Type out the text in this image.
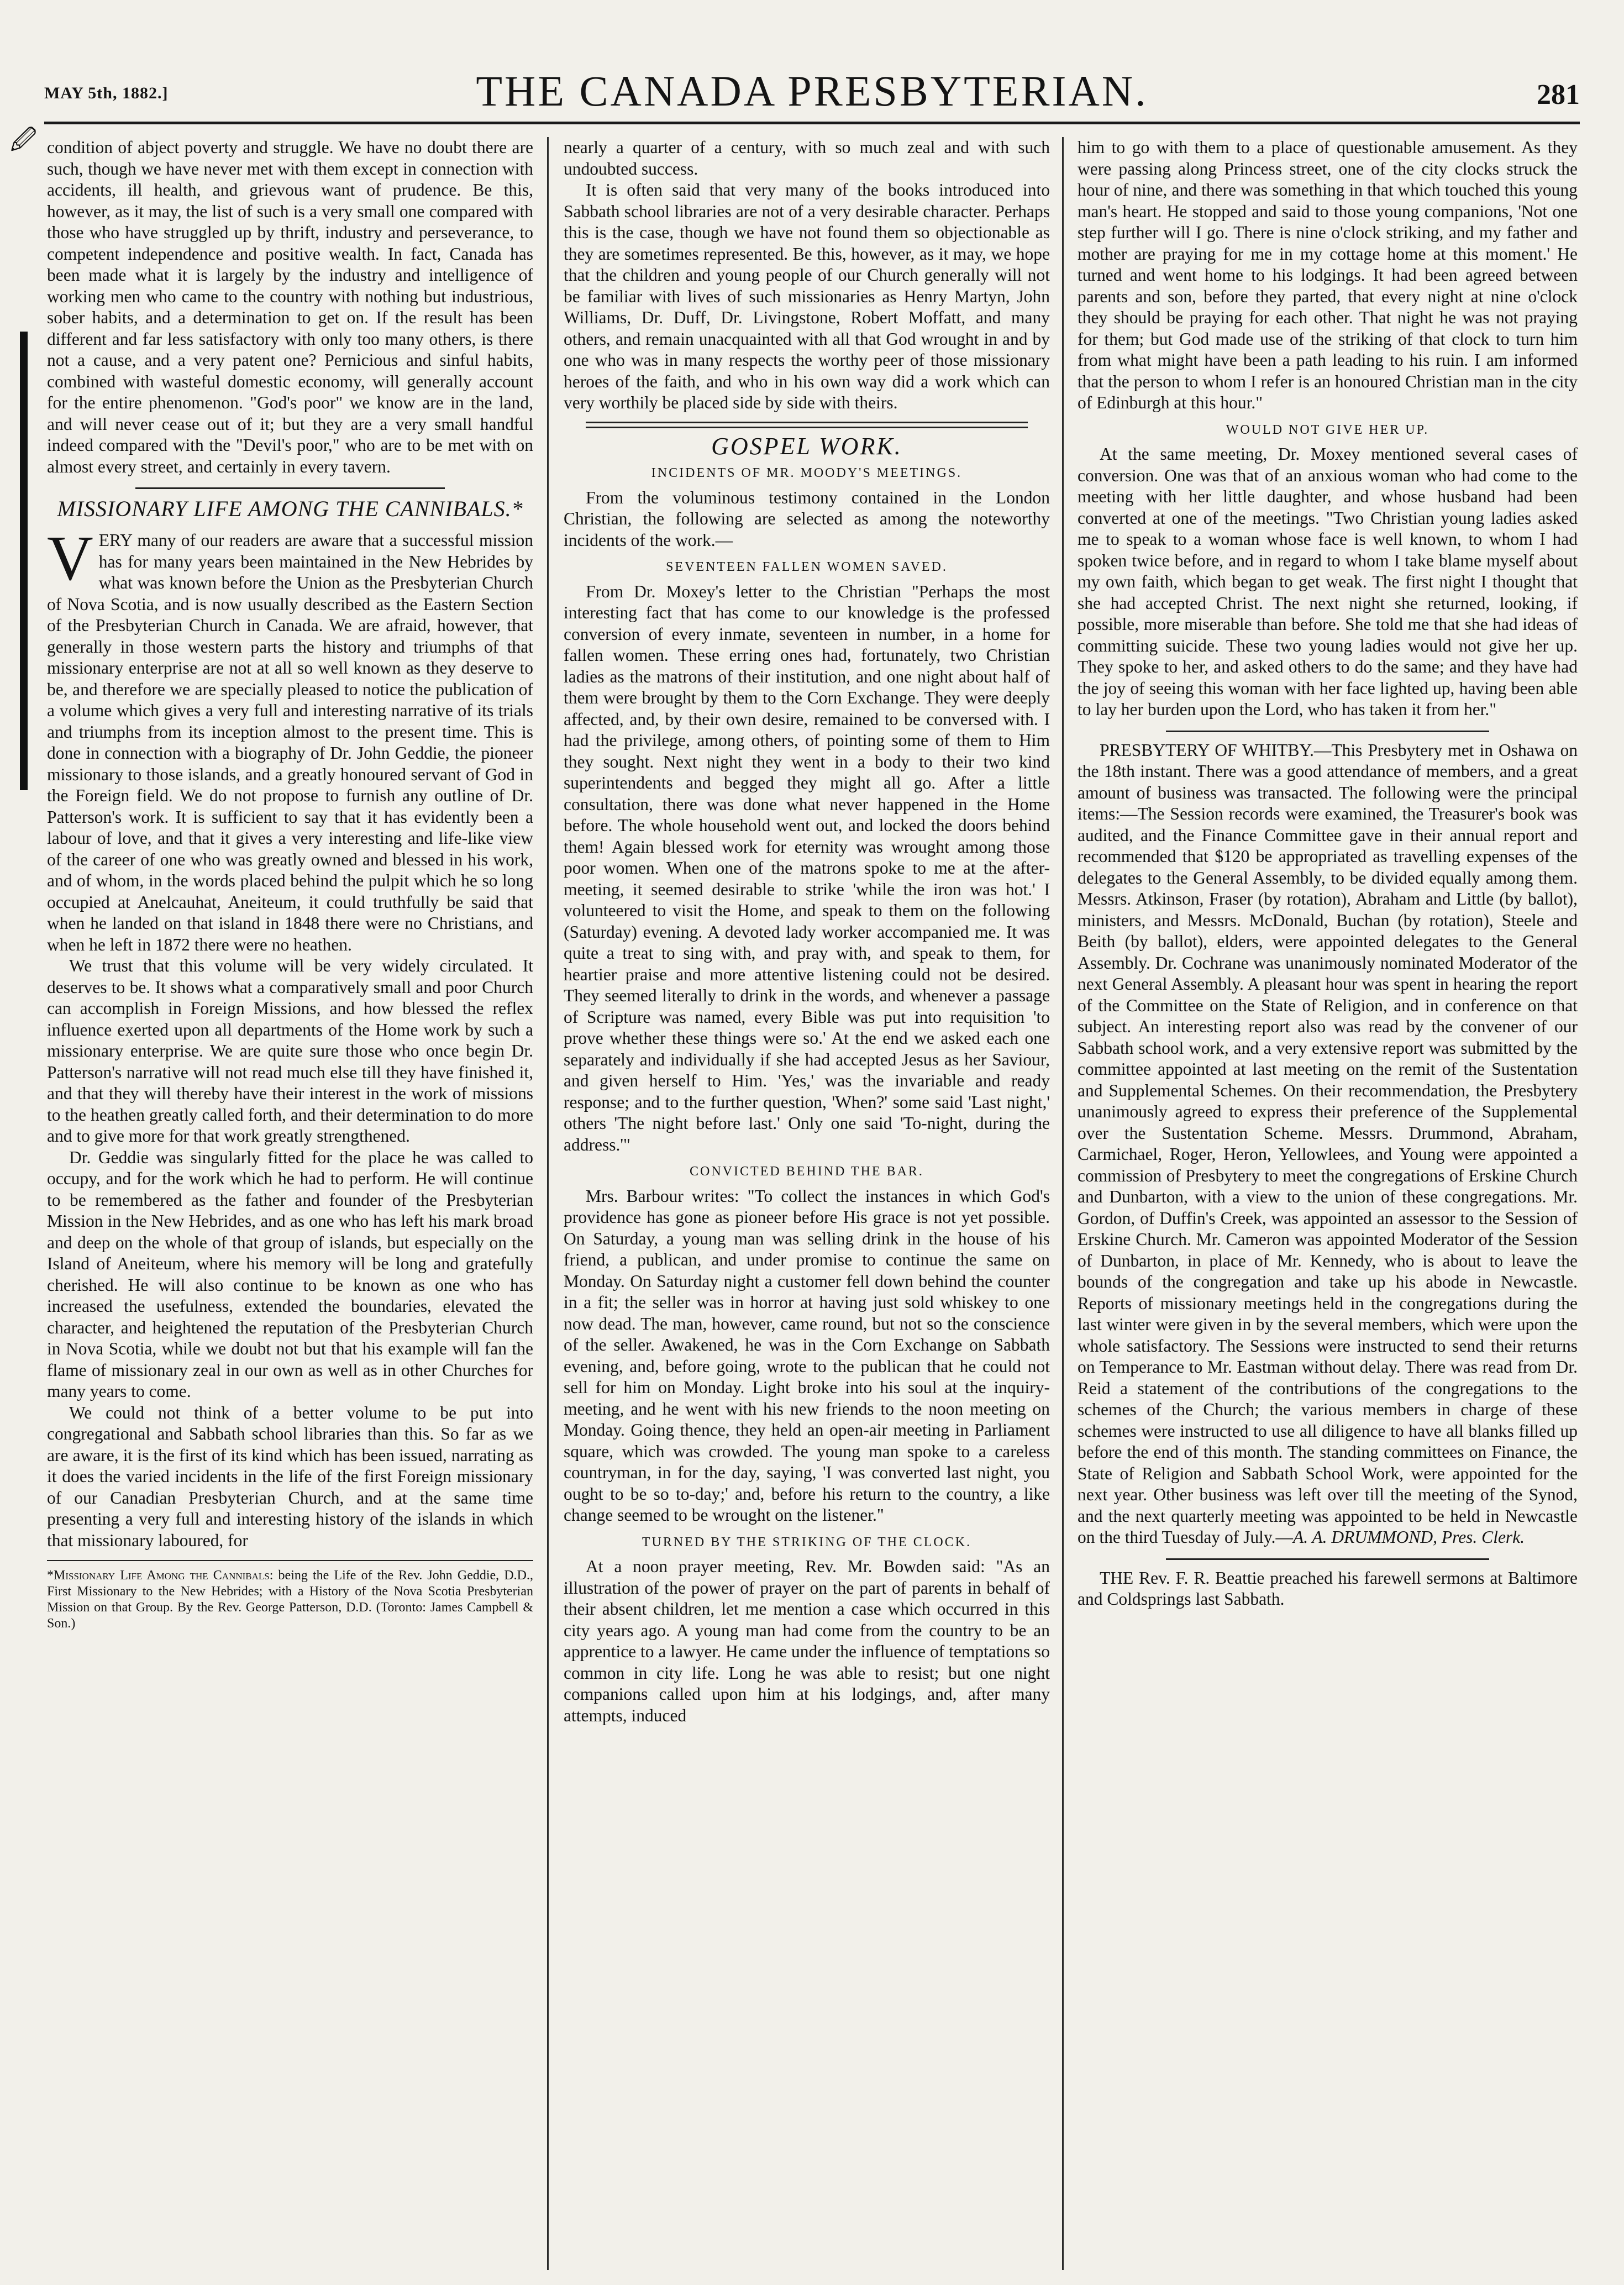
🖉
MAY 5th, 1882.]	THE CANADA PRESBYTERIAN.	281

condition of abject poverty and struggle. We have no doubt there are such, though we have never met with them except in connection with accidents, ill health, and grievous want of prudence. Be this, however, as it may, the list of such is a very small one compared with those who have struggled up by thrift, industry and perseverance, to competent independence and positive wealth. In fact, Canada has been made what it is largely by the industry and intelligence of working men who came to the country with nothing but industrious, sober habits, and a determination to get on. If the result has been different and far less satisfactory with only too many others, is there not a cause, and a very patent one? Pernicious and sinful habits, combined with wasteful domestic economy, will generally account for the entire phenomenon. "God's poor" we know are in the land, and will never cease out of it; but they are a very small handful indeed compared with the "Devil's poor," who are to be met with on almost every street, and certainly in every tavern.

MISSIONARY LIFE AMONG THE CANNIBALS.*

VERY many of our readers are aware that a successful mission has for many years been maintained in the New Hebrides by what was known before the Union as the Presbyterian Church of Nova Scotia, and is now usually described as the Eastern Section of the Presbyterian Church in Canada. We are afraid, however, that generally in those western parts the history and triumphs of that missionary enterprise are not at all so well known as they deserve to be, and therefore we are specially pleased to notice the publication of a volume which gives a very full and interesting narrative of its trials and triumphs from its inception almost to the present time. This is done in connection with a biography of Dr. John Geddie, the pioneer missionary to those islands, and a greatly honoured servant of God in the Foreign field. We do not propose to furnish any outline of Dr. Patterson's work. It is sufficient to say that it has evidently been a labour of love, and that it gives a very interesting and life-like view of the career of one who was greatly owned and blessed in his work, and of whom, in the words placed behind the pulpit which he so long occupied at Anelcauhat, Aneiteum, it could truthfully be said that when he landed on that island in 1848 there were no Christians, and when he left in 1872 there were no heathen.

We trust that this volume will be very widely circulated. It deserves to be. It shows what a comparatively small and poor Church can accomplish in Foreign Missions, and how blessed the reflex influence exerted upon all departments of the Home work by such a missionary enterprise. We are quite sure those who once begin Dr. Patterson's narrative will not read much else till they have finished it, and that they will thereby have their interest in the work of missions to the heathen greatly called forth, and their determination to do more and to give more for that work greatly strengthened.

Dr. Geddie was singularly fitted for the place he was called to occupy, and for the work which he had to perform. He will continue to be remembered as the father and founder of the Presbyterian Mission in the New Hebrides, and as one who has left his mark broad and deep on the whole of that group of islands, but especially on the Island of Aneiteum, where his memory will be long and gratefully cherished. He will also continue to be known as one who has increased the usefulness, extended the boundaries, elevated the character, and heightened the reputation of the Presbyterian Church in Nova Scotia, while we doubt not but that his example will fan the flame of missionary zeal in our own as well as in other Churches for many years to come.

We could not think of a better volume to be put into congregational and Sabbath school libraries than this. So far as we are aware, it is the first of its kind which has been issued, narrating as it does the varied incidents in the life of the first Foreign missionary of our Canadian Presbyterian Church, and at the same time presenting a very full and interesting history of the islands in which that missionary laboured, for

*Missionary Life Among the Cannibals: being the Life of the Rev. John Geddie, D.D., First Missionary to the New Hebrides; with a History of the Nova Scotia Presbyterian Mission on that Group. By the Rev. George Patterson, D.D. (Toronto: James Campbell & Son.)

nearly a quarter of a century, with so much zeal and with such undoubted success.

It is often said that very many of the books introduced into Sabbath school libraries are not of a very desirable character. Perhaps this is the case, though we have not found them so objectionable as they are sometimes represented. Be this, however, as it may, we hope that the children and young people of our Church generally will not be familiar with lives of such missionaries as Henry Martyn, John Williams, Dr. Duff, Dr. Livingstone, Robert Moffatt, and many others, and remain unacquainted with all that God wrought in and by one who was in many respects the worthy peer of those missionary heroes of the faith, and who in his own way did a work which can very worthily be placed side by side with theirs.

GOSPEL WORK.
INCIDENTS OF MR. MOODY'S MEETINGS.

From the voluminous testimony contained in the London Christian, the following are selected as among the noteworthy incidents of the work.—

SEVENTEEN FALLEN WOMEN SAVED.

From Dr. Moxey's letter to the Christian "Perhaps the most interesting fact that has come to our knowledge is the professed conversion of every inmate, seventeen in number, in a home for fallen women. These erring ones had, fortunately, two Christian ladies as the matrons of their institution, and one night about half of them were brought by them to the Corn Exchange. They were deeply affected, and, by their own desire, remained to be conversed with. I had the privilege, among others, of pointing some of them to Him they sought. Next night they went in a body to their two kind superintendents and begged they might all go. After a little consultation, there was done what never happened in the Home before. The whole household went out, and locked the doors behind them! Again blessed work for eternity was wrought among those poor women. When one of the matrons spoke to me at the after-meeting, it seemed desirable to strike 'while the iron was hot.' I volunteered to visit the Home, and speak to them on the following (Saturday) evening. A devoted lady worker accompanied me. It was quite a treat to sing with, and pray with, and speak to them, for heartier praise and more attentive listening could not be desired. They seemed literally to drink in the words, and whenever a passage of Scripture was named, every Bible was put into requisition 'to prove whether these things were so.' At the end we asked each one separately and individually if she had accepted Jesus as her Saviour, and given herself to Him. 'Yes,' was the invariable and ready response; and to the further question, 'When?' some said 'Last night,' others 'The night before last.' Only one said 'To-night, during the address.'"

CONVICTED BEHIND THE BAR.

Mrs. Barbour writes: "To collect the instances in which God's providence has gone as pioneer before His grace is not yet possible. On Saturday, a young man was selling drink in the house of his friend, a publican, and under promise to continue the same on Monday. On Saturday night a customer fell down behind the counter in a fit; the seller was in horror at having just sold whiskey to one now dead. The man, however, came round, but not so the conscience of the seller. Awakened, he was in the Corn Exchange on Sabbath evening, and, before going, wrote to the publican that he could not sell for him on Monday. Light broke into his soul at the inquiry-meeting, and he went with his new friends to the noon meeting on Monday. Going thence, they held an open-air meeting in Parliament square, which was crowded. The young man spoke to a careless countryman, in for the day, saying, 'I was converted last night, you ought to be so to-day;' and, before his return to the country, a like change seemed to be wrought on the listener."

TURNED BY THE STRIKING OF THE CLOCK.

At a noon prayer meeting, Rev. Mr. Bowden said: "As an illustration of the power of prayer on the part of parents in behalf of their absent children, let me mention a case which occurred in this city years ago. A young man had come from the country to be an apprentice to a lawyer. He came under the influence of temptations so common in city life. Long he was able to resist; but one night companions called upon him at his lodgings, and, after many attempts, induced

him to go with them to a place of questionable amusement. As they were passing along Princess street, one of the city clocks struck the hour of nine, and there was something in that which touched this young man's heart. He stopped and said to those young companions, 'Not one step further will I go. There is nine o'clock striking, and my father and mother are praying for me in my cottage home at this moment.' He turned and went home to his lodgings. It had been agreed between parents and son, before they parted, that every night at nine o'clock they should be praying for each other. That night he was not praying for them; but God made use of the striking of that clock to turn him from what might have been a path leading to his ruin. I am informed that the person to whom I refer is an honoured Christian man in the city of Edinburgh at this hour."

WOULD NOT GIVE HER UP.

At the same meeting, Dr. Moxey mentioned several cases of conversion. One was that of an anxious woman who had come to the meeting with her little daughter, and whose husband had been converted at one of the meetings. "Two Christian young ladies asked me to speak to a woman whose face is well known, to whom I had spoken twice before, and in regard to whom I take blame myself about my own faith, which began to get weak. The first night I thought that she had accepted Christ. The next night she returned, looking, if possible, more miserable than before. She told me that she had ideas of committing suicide. These two young ladies would not give her up. They spoke to her, and asked others to do the same; and they have had the joy of seeing this woman with her face lighted up, having been able to lay her burden upon the Lord, who has taken it from her."

PRESBYTERY OF WHITBY.—This Presbytery met in Oshawa on the 18th instant. There was a good attendance of members, and a great amount of business was transacted. The following were the principal items:—The Session records were examined, the Treasurer's book was audited, and the Finance Committee gave in their annual report and recommended that $120 be appropriated as travelling expenses of the delegates to the General Assembly, to be divided equally among them. Messrs. Atkinson, Fraser (by rotation), Abraham and Little (by ballot), ministers, and Messrs. McDonald, Buchan (by rotation), Steele and Beith (by ballot), elders, were appointed delegates to the General Assembly. Dr. Cochrane was unanimously nominated Moderator of the next General Assembly. A pleasant hour was spent in hearing the report of the Committee on the State of Religion, and in conference on that subject. An interesting report also was read by the convener of our Sabbath school work, and a very extensive report was submitted by the committee appointed at last meeting on the remit of the Sustentation and Supplemental Schemes. On their recommendation, the Presbytery unanimously agreed to express their preference of the Supplemental over the Sustentation Scheme. Messrs. Drummond, Abraham, Carmichael, Roger, Heron, Yellowlees, and Young were appointed a commission of Presbytery to meet the congregations of Erskine Church and Dunbarton, with a view to the union of these congregations. Mr. Gordon, of Duffin's Creek, was appointed an assessor to the Session of Erskine Church. Mr. Cameron was appointed Moderator of the Session of Dunbarton, in place of Mr. Kennedy, who is about to leave the bounds of the congregation and take up his abode in Newcastle. Reports of missionary meetings held in the congregations during the last winter were given in by the several members, which were upon the whole satisfactory. The Sessions were instructed to send their returns on Temperance to Mr. Eastman without delay. There was read from Dr. Reid a statement of the contributions of the congregations to the schemes of the Church; the various members in charge of these schemes were instructed to use all diligence to have all blanks filled up before the end of this month. The standing committees on Finance, the State of Religion and Sabbath School Work, were appointed for the next year. Other business was left over till the meeting of the Synod, and the next quarterly meeting was appointed to be held in Newcastle on the third Tuesday of July.—A. A. DRUMMOND, Pres. Clerk.

THE Rev. F. R. Beattie preached his farewell sermons at Baltimore and Coldsprings last Sabbath.
